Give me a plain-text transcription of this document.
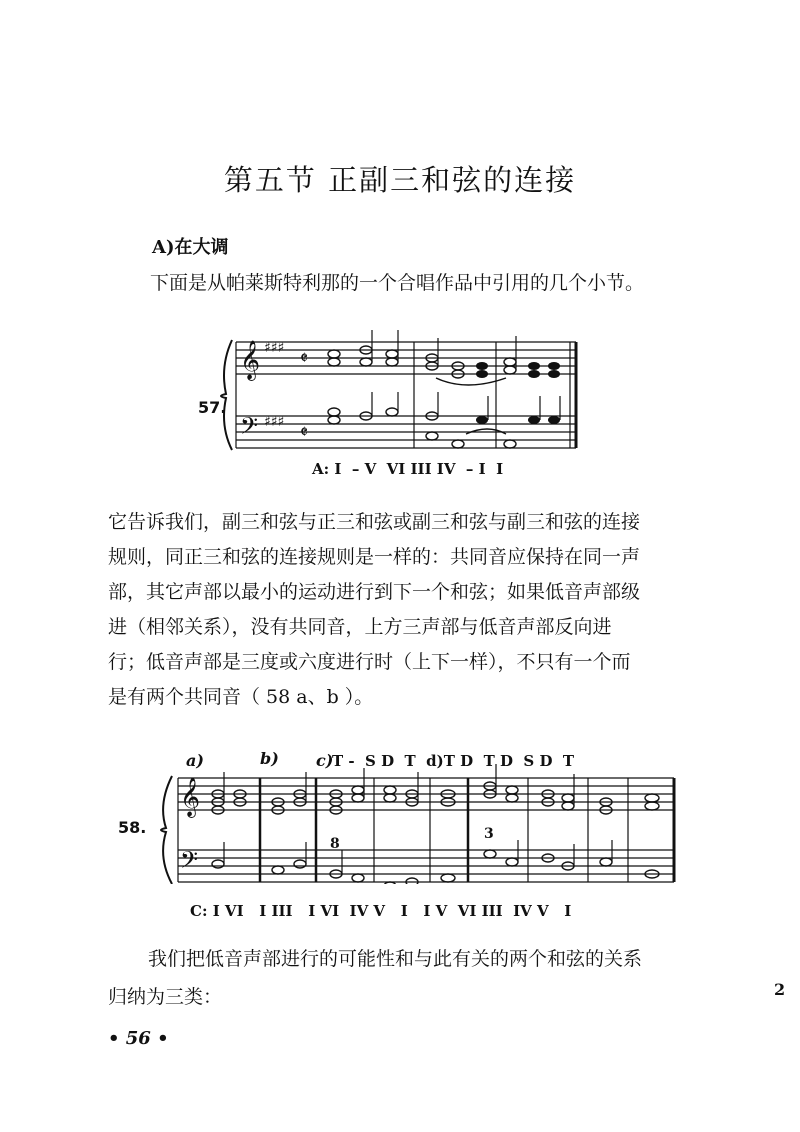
第五节 正副三和弦的连接
A)在大调
下面是从帕莱斯特利那的一个合唱作品中引用的几个小节。
𝄞
𝄢
♯♯♯
♯♯♯
𝄵
𝄵
57.
A: I  – V  VI III IV  – I  I

它告诉我们，副三和弦与正三和弦或副三和弦与副三和弦的连接

规则，同正三和弦的连接规则是一样的：共同音应保持在同一声

部，其它声部以最小的运动进行到下一个和弦；如果低音声部级

进（相邻关系），没有共同音，上方三声部与低音声部反向进

行；低音声部是三度或六度进行时（上下一样），不只有一个而

是有两个共同音（ 58 a、b ）。

𝄞
𝄢
a)	b) c)
8
3
T -  S D  T  d)T D  T D  S D  T
58.
C: I VI   I III   I VI  IV V   I   I V  VI III  IV V   I
我们把低音声部进行的可能性和与此有关的两个和弦的关系
归纳为三类：
• 56 •
2
